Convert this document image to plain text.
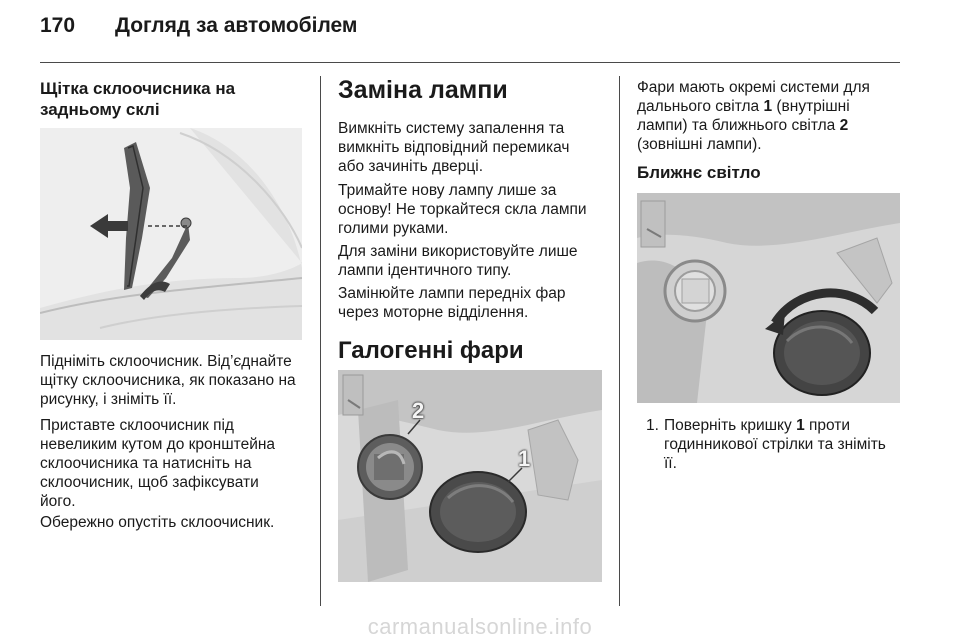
170 Догляд за автомобілем
Щітка склоочисника на
задньому склі
Підніміть склоочисник. Від’єднайте
щітку склоочисника, як показано на
рисунку, і зніміть її.
Приставте склоочисник під
невеликим кутом до кронштейна
склоочисника та натисніть на
склоочисник, щоб зафіксувати
його.
Обережно опустіть склоочисник.
Заміна лампи
Вимкніть систему запалення та
вимкніть відповідний перемикач
або зачиніть дверці.
Тримайте нову лампу лише за
основу! Не торкайтеся скла лампи
голими руками.
Для заміни використовуйте лише
лампи ідентичного типу.
Замінюйте лампи передніх фар
через моторне відділення.
Галогенні фари
2
1
Фари мають окремі системи для
дальнього світла 1 (внутрішні
лампи) та ближнього світла 2
(зовнішні лампи).
Ближнє світло
1. Поверніть кришку 1 проти
годинникової стрілки та зніміть
її.
carmanualsonline.info
